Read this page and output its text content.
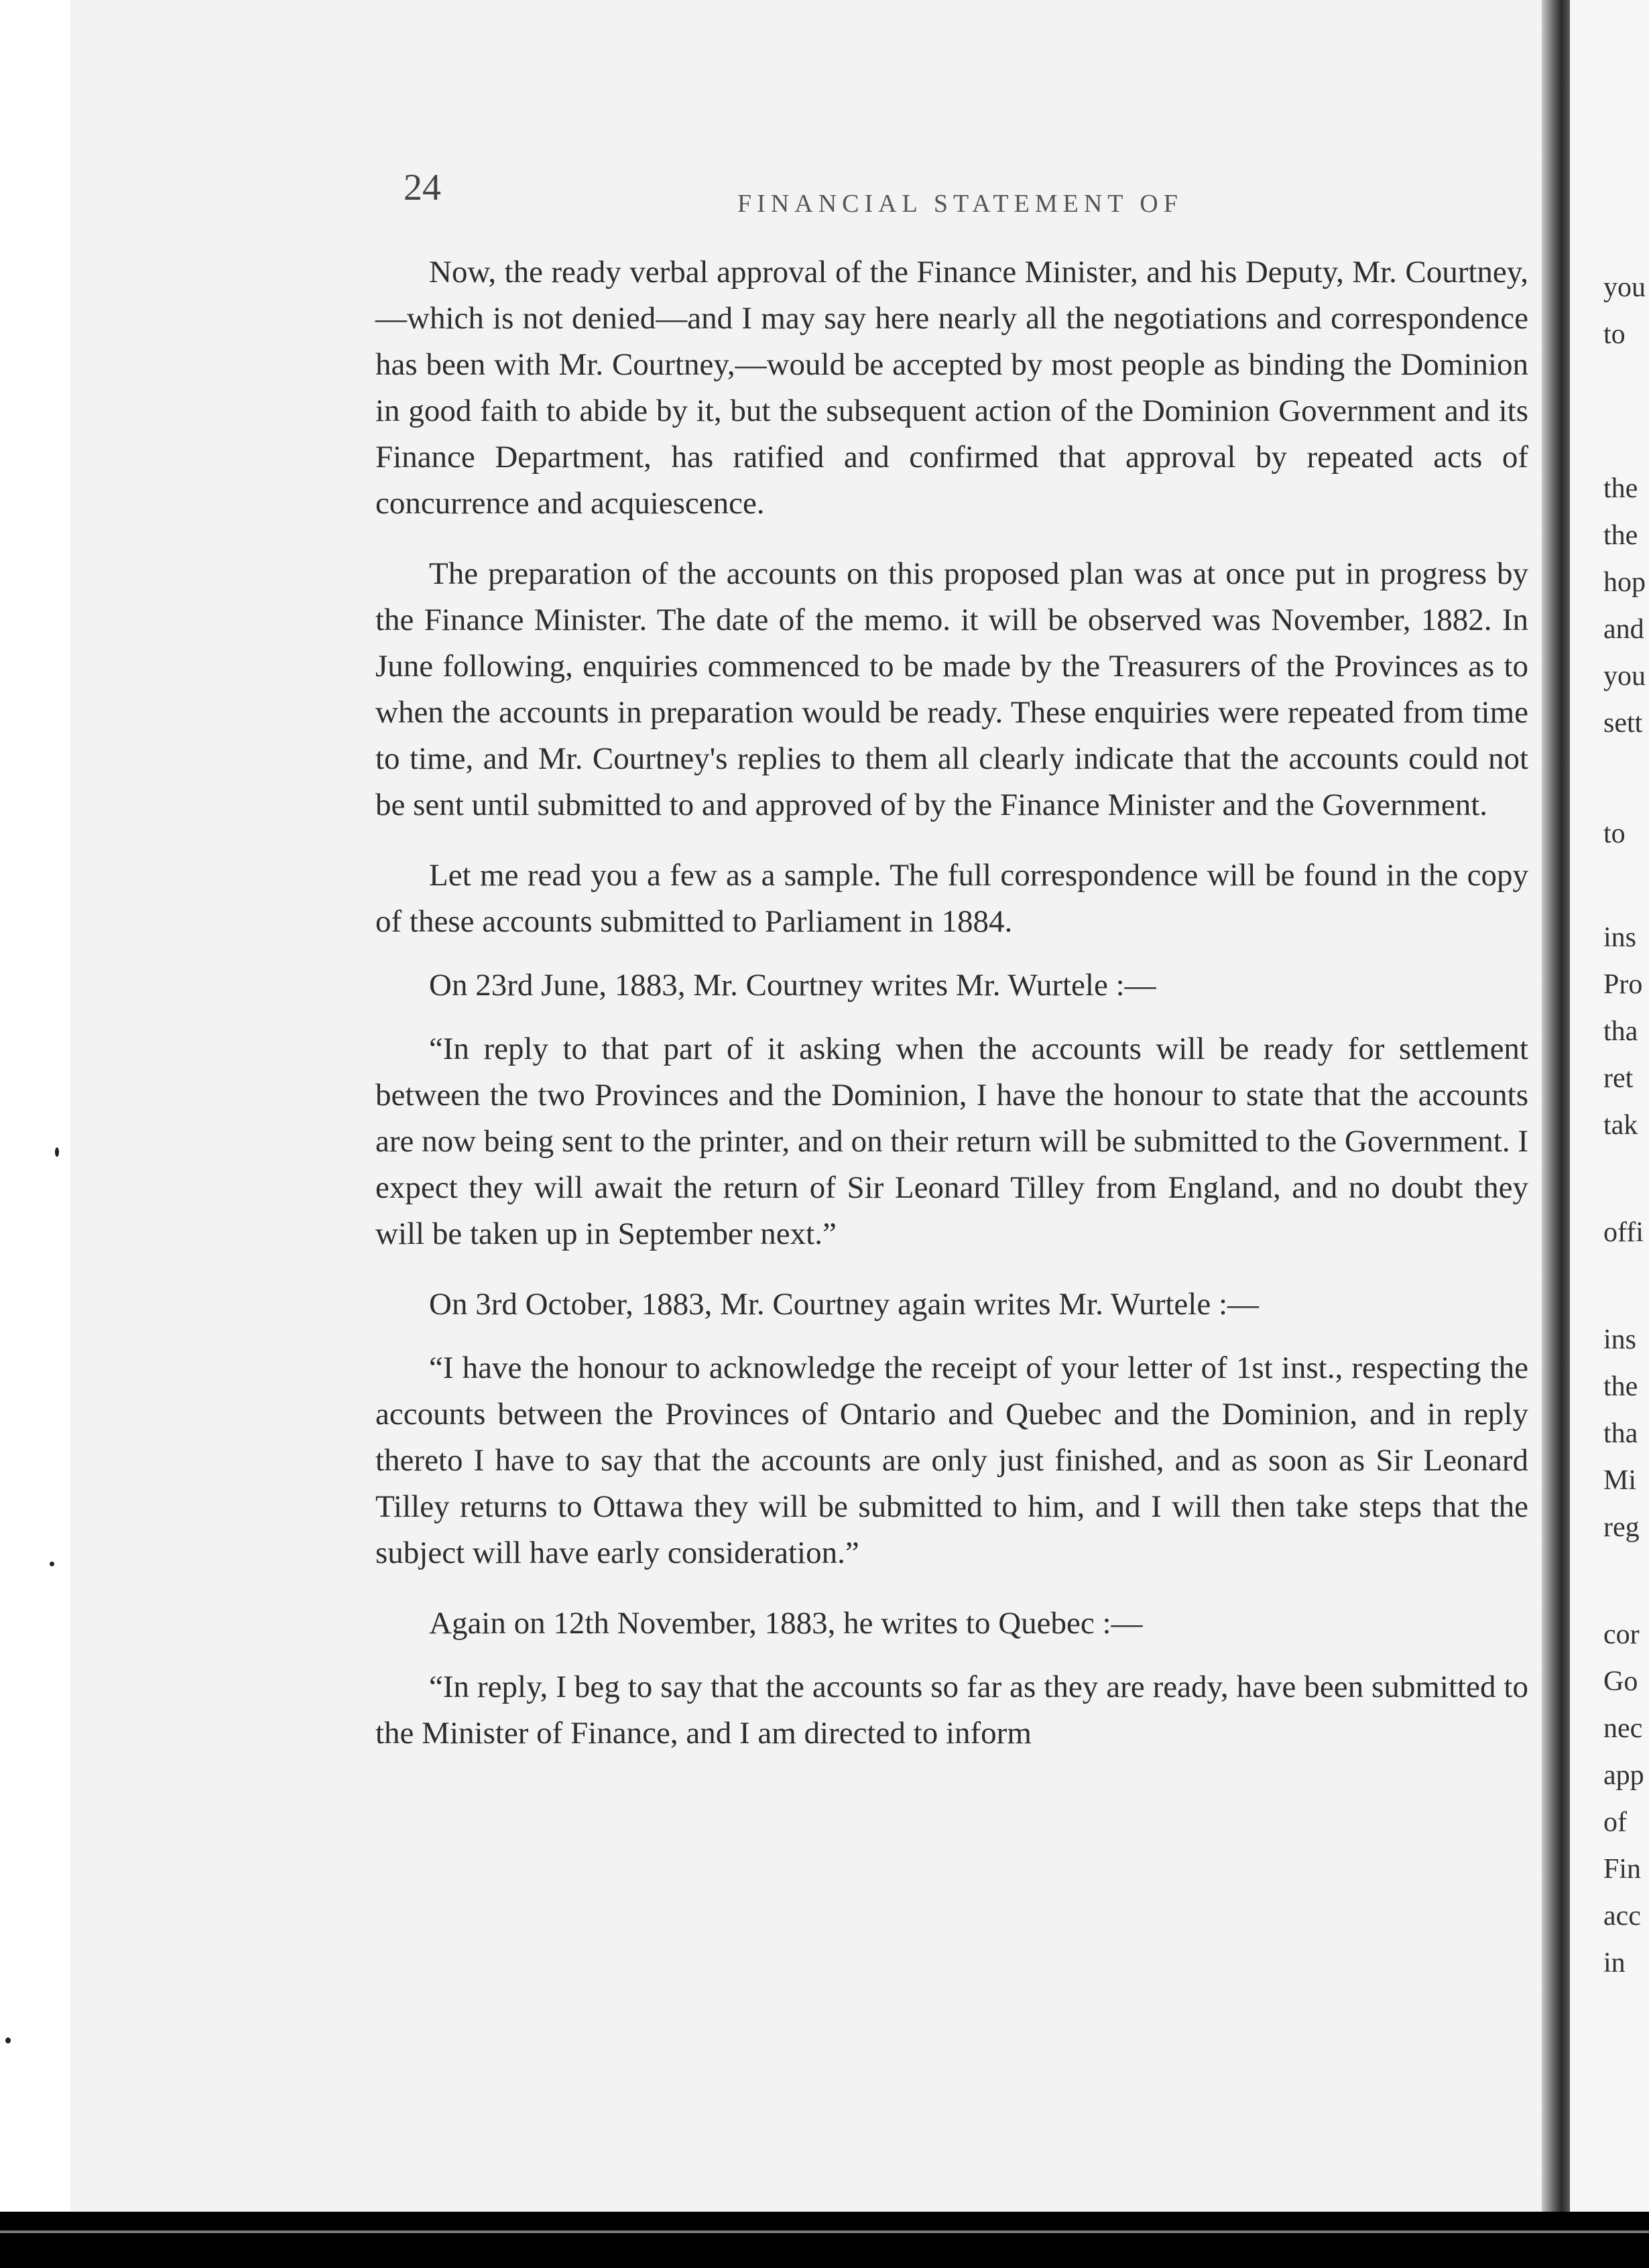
24	FINANCIAL STATEMENT OF

Now, the ready verbal approval of the Finance Minister, and his Deputy, Mr. Courtney,—which is not denied—and I may say here nearly all the negotiations and correspondence has been with Mr. Courtney,—would be accepted by most people as binding the Dominion in good faith to abide by it, but the subsequent action of the Dominion Government and its Finance Department, has ratified and confirmed that approval by repeated acts of concurrence and acquiescence.

The preparation of the accounts on this proposed plan was at once put in progress by the Finance Minister. The date of the memo. it will be observed was November, 1882. In June following, enquiries commenced to be made by the Treasurers of the Provinces as to when the accounts in preparation would be ready. These enquiries were repeated from time to time, and Mr. Courtney's replies to them all clearly indicate that the accounts could not be sent until submitted to and approved of by the Finance Minister and the Government.

Let me read you a few as a sample. The full correspondence will be found in the copy of these accounts submitted to Parliament in 1884.

On 23rd June, 1883, Mr. Courtney writes Mr. Wurtele :—

“In reply to that part of it asking when the accounts will be ready for settlement between the two Provinces and the Dominion, I have the honour to state that the accounts are now being sent to the printer, and on their return will be submitted to the Government. I expect they will await the return of Sir Leonard Tilley from England, and no doubt they will be taken up in September next.”

On 3rd October, 1883, Mr. Courtney again writes Mr. Wurtele :—

“I have the honour to acknowledge the receipt of your letter of 1st inst., respecting the accounts between the Provinces of Ontario and Quebec and the Dominion, and in reply thereto I have to say that the accounts are only just finished, and as soon as Sir Leonard Tilley returns to Ottawa they will be submitted to him, and I will then take steps that the subject will have early consideration.”

Again on 12th November, 1883, he writes to Quebec :—

“In reply, I beg to say that the accounts so far as they are ready, have been submitted to the Minister of Finance, and I am directed to inform

you
to
the
the
hop
and
you
sett
to
ins
Pro
tha
ret
tak
offi
ins
the
tha
Mi
reg
cor
Go
nec
app
of
Fin
acc
in
